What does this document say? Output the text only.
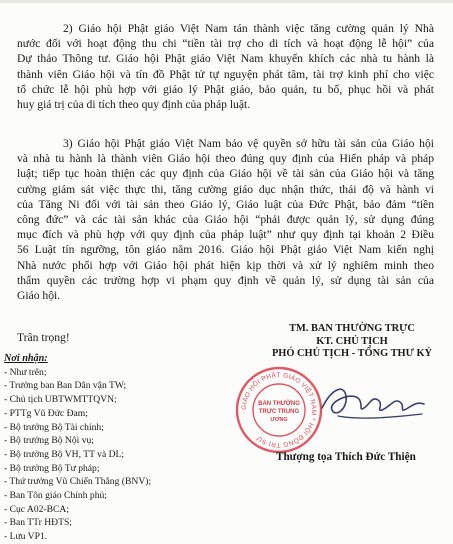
2) Giáo hội Phật giáo Việt Nam tán thành việc tăng cường quản lý Nhà
nước đối với hoạt động thu chi “tiền tài trợ cho di tích và hoạt động lễ hội” của
Dự thảo Thông tư. Giáo hội Phật giáo Việt Nam khuyến khích các nhà tu hành là
thành viên Giáo hội và tín đồ Phật tử tự nguyện phát tâm, tài trợ kinh phí cho việc
tổ chức lễ hội phù hợp với giáo lý Phật giáo, bảo quản, tu bổ, phục hồi và phát
huy giá trị của di tích theo quy định của pháp luật.
3) Giáo hội Phật giáo Việt Nam bảo vệ quyền sở hữu tài sản của Giáo hội
và nhà tu hành là thành viên Giáo hội theo đúng quy định của Hiến pháp và pháp
luật; tiếp tục hoàn thiện các quy định của Giáo hội về tài sản của Giáo hội và tăng
cường giám sát việc thực thi, tăng cường giáo dục nhận thức, thái độ và hành vi
của Tăng Ni đối với tài sản theo Giáo lý, Giáo luật của Đức Phật, bảo đảm “tiền
công đức” và các tài sản khác của Giáo hội “phải được quản lý, sử dụng đúng
mục đích và phù hợp với quy định của pháp luật” như quy định tại khoản 2 Điều
56 Luật tín ngưỡng, tôn giáo năm 2016. Giáo hội Phật giáo Việt Nam kiến nghị
Nhà nước phối hợp với Giáo hội phát hiện kịp thời và xử lý nghiêm minh theo
thẩm quyền các trường hợp vi phạm quy định về quản lý, sử dụng tài sản của
Giáo hội.
Trân trọng!
Nơi nhận:
- Như trên;
- Trưởng ban Ban Dân vận TW;
- Chủ tịch UBTWMTTQVN;
- PTTg Vũ Đức Đam;
- Bộ trưởng Bộ Tài chính;
- Bộ trưởng Bộ Nội vụ;
- Bộ trưởng Bộ VH, TT và DL;
- Bộ trưởng Bộ Tư pháp;
- Thứ trưởng Vũ Chiến Thắng (BNV);
- Ban Tôn giáo Chính phủ;
- Cục A02-BCA;
- Ban TTr HĐTS;
- Lưu VP1.
TM. BAN THƯỜNG TRỰC
KT. CHỦ TỊCH
PHÓ CHỦ TỊCH - TỔNG THƯ KÝ
GIÁO HỘI PHẬT GIÁO VIỆT NAM * HỘI ĐỒNG TRỊ SỰ
BAN THƯỜNG
TRỰC TRUNG
ƯƠNG
Thượng tọa Thích Đức Thiện
